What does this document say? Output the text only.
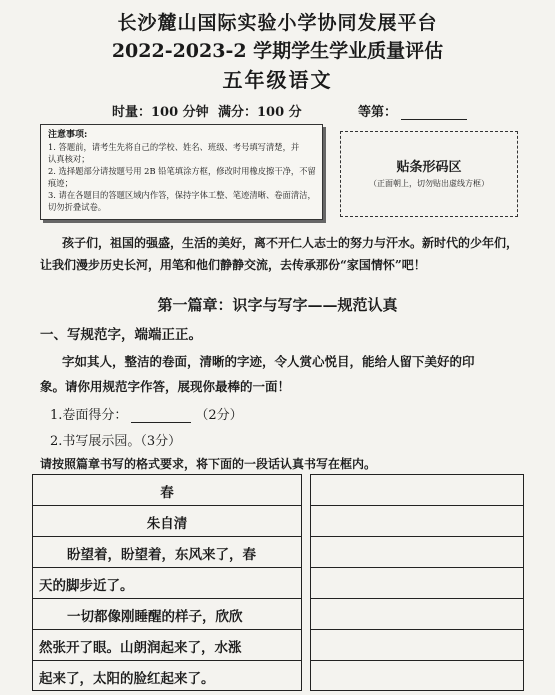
长沙麓山国际实验小学协同发展平台
2022-2023-2 学期学生学业质量评估
五年级语文
时量：100 分钟 满分：100 分	等第：
注意事项:
1. 答题前，请考生先将自己的学校、姓名、班级、考号填写清楚，并
认真核对；
2. 选择题部分请按题号用 2B 铅笔填涂方框，修改时用橡皮擦干净，不留
痕迹；
3. 请在各题目的答题区域内作答，保持字体工整、笔迹清晰、卷面清洁，
切勿折叠试卷。
贴条形码区
（正面朝上，切勿贴出虚线方框）
孩子们，祖国的强盛，生活的美好，离不开仁人志士的努力与汗水。新时代的少年们，
让我们漫步历史长河，用笔和他们静静交流，去传承那份“家国情怀”吧！
第一篇章：识字与写字——规范认真
一、写规范字，端端正正。
字如其人，整洁的卷面，清晰的字迹，令人赏心悦目，能给人留下美好的印
象。请你用规范字作答，展现你最棒的一面！
1.卷面得分：	（2分）
2.书写展示园。（3分）
请按照篇章书写的格式要求，将下面的一段话认真书写在框内。
春
朱自清
盼望着，盼望着，东风来了，春
天的脚步近了。
一切都像刚睡醒的样子，欣欣
然张开了眼。山朗润起来了，水涨
起来了，太阳的脸红起来了。
